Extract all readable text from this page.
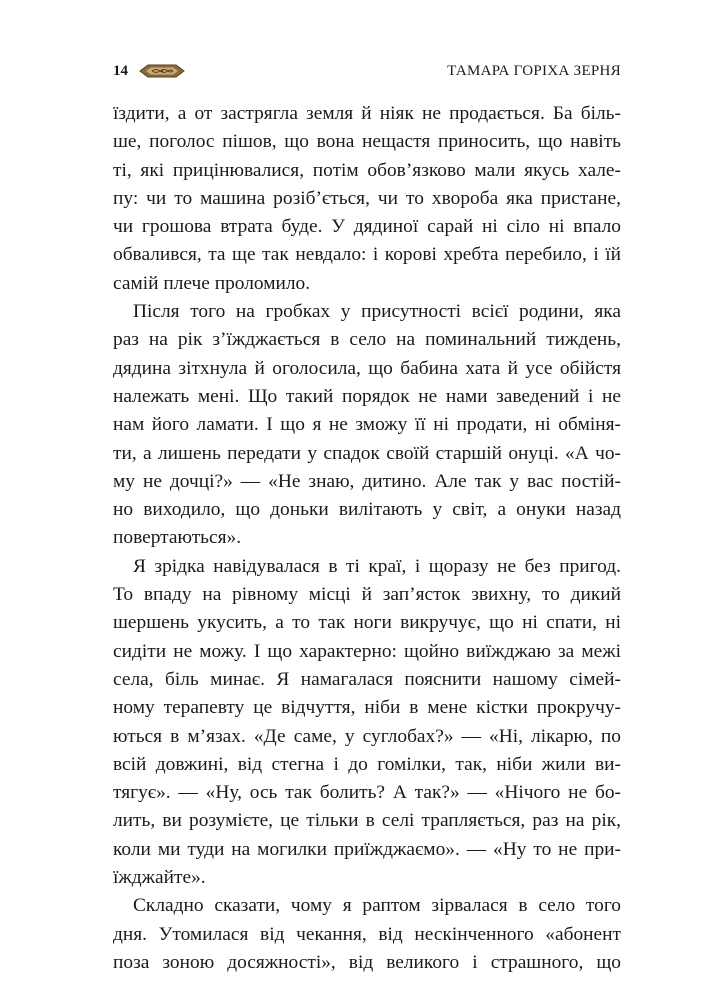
14	ТАМАРА ГОРІХА ЗЕРНЯ
їздити, а от застрягла земля й ніяк не продається. Ба біль-
ше, поголос пішов, що вона нещастя приносить, що навіть
ті, які прицінювалися, потім обов’язково мали якусь хале-
пу: чи то машина розіб’ється, чи то хвороба яка пристане,
чи грошова втрата буде. У дядиної сарай ні сіло ні впало
обвалився, та ще так невдало: і корові хребта перебило, і їй
самій плече проломило.
Після того на гробках у присутності всієї родини, яка
раз на рік з’їжджається в село на поминальний тиждень,
дядина зітхнула й оголосила, що бабина хата й усе обійстя
належать мені. Що такий порядок не нами заведений і не
нам його ламати. І що я не зможу її ні продати, ні обміня-
ти, а лишень передати у спадок своїй старшій онуці. «А чо-
му не дочці?» — «Не знаю, дитино. Але так у вас постій-
но виходило, що доньки вилітають у світ, а онуки назад
повертаються».
Я зрідка навідувалася в ті краї, і щоразу не без пригод.
То впаду на рівному місці й зап’ясток звихну, то дикий
шершень укусить, а то так ноги викручує, що ні спати, ні
сидіти не можу. І що характерно: щойно виїжджаю за межі
села, біль минає. Я намагалася пояснити нашому сімей-
ному терапевту це відчуття, ніби в мене кістки прокручу-
ються в м’язах. «Де саме, у суглобах?» — «Ні, лікарю, по
всій довжині, від стегна і до гомілки, так, ніби жили ви-
тягує». — «Ну, ось так болить? А так?» — «Нічого не бо-
лить, ви розумієте, це тільки в селі трапляється, раз на рік,
коли ми туди на могилки приїжджаємо». — «Ну то не при-
їжджайте».
Складно сказати, чому я раптом зірвалася в село того
дня. Утомилася від чекання, від нескінченного «абонент
поза зоною досяжності», від великого і страшного, що
